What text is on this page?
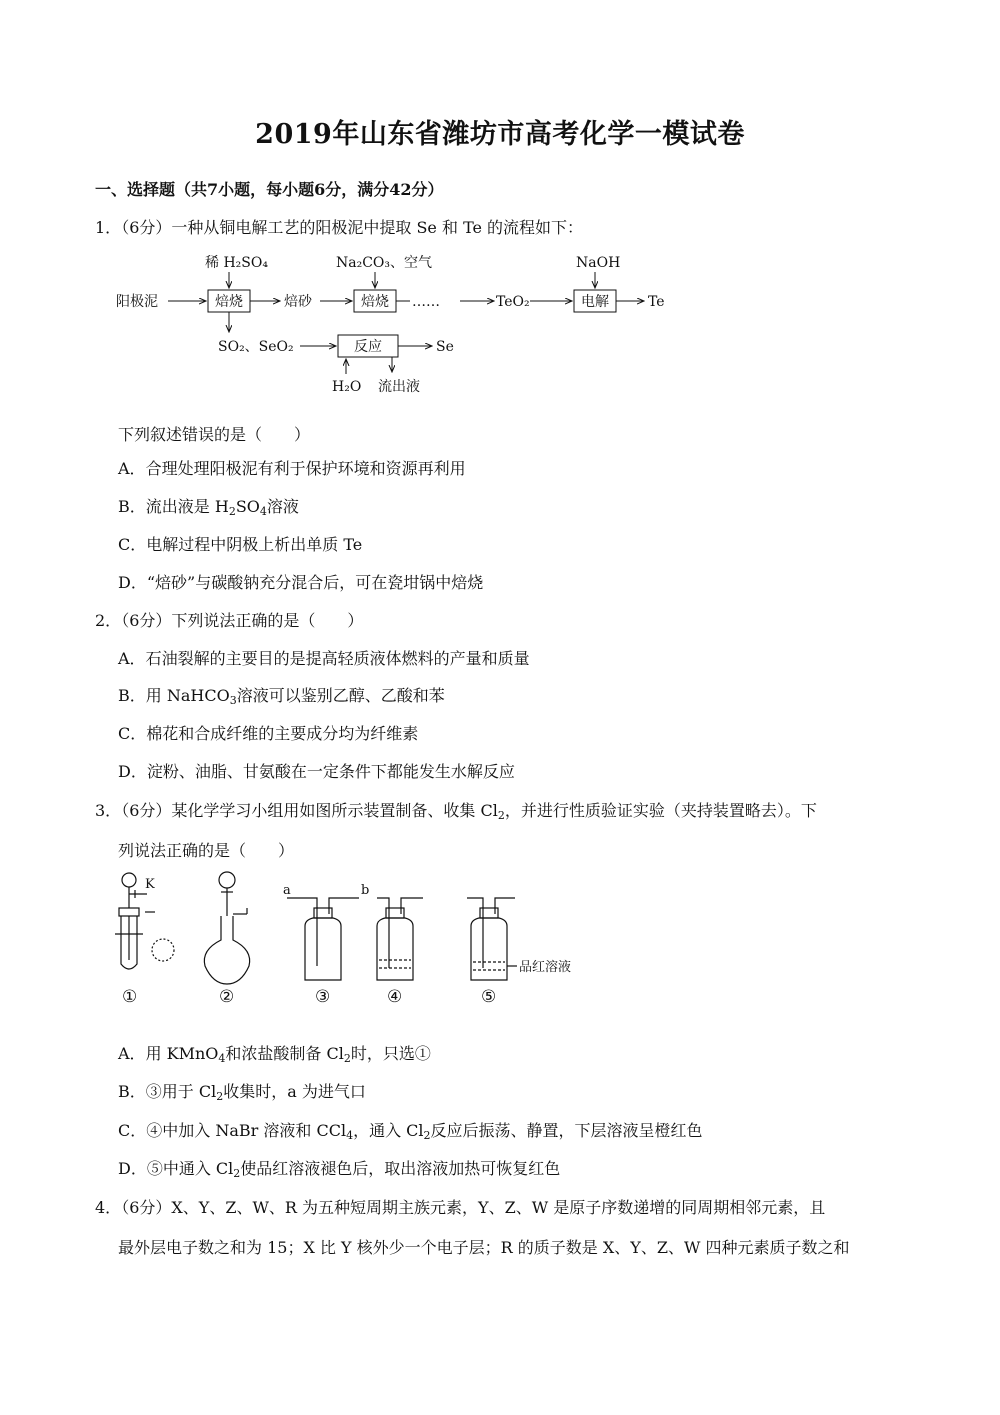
2019年山东省潍坊市高考化学一模试卷
一、选择题（共7小题，每小题6分，满分42分）
1．（6分）一种从铜电解工艺的阳极泥中提取 Se 和 Te 的流程如下：
阳极泥
稀 H₂SO₄
焙烧	焙砂
Na₂CO₃、空气
焙烧 ……	TeO₂
NaOH
电解	Te
SO₂、SeO₂	反应	Se
H₂O 流出液
下列叙述错误的是（　　）
A．合理处理阳极泥有利于保护环境和资源再利用
B．流出液是 $H_2SO_4$溶液
C．电解过程中阴极上析出单质 Te
D．“焙砂”与碳酸钠充分混合后，可在瓷坩锅中焙烧
2．（6分）下列说法正确的是（　　）
A．石油裂解的主要目的是提高轻质液体燃料的产量和质量
B．用 NaHCO$_3$溶液可以鉴别乙醇、乙酸和苯
C．棉花和合成纤维的主要成分均为纤维素
D．淀粉、油脂、甘氨酸在一定条件下都能发生水解反应
3．（6分）某化学学习小组用如图所示装置制备、收集 $Cl_2$，并进行性质验证实验（夹持装置略去）。下
列说法正确的是（　　）
K	a	b
品红溶液
①	②	③	④	⑤
A．用 KMnO$_4$和浓盐酸制备 $Cl_2$时，只选①
B．③用于 $Cl_2$收集时，a 为进气口
C．④中加入 NaBr 溶液和 CCl$_4$，通入 $Cl_2$反应后振荡、静置，下层溶液呈橙红色
D．⑤中通入 $Cl_2$使品红溶液褪色后，取出溶液加热可恢复红色
4．（6分）X、Y、Z、W、R 为五种短周期主族元素，Y、Z、W 是原子序数递增的同周期相邻元素，且
最外层电子数之和为 15；X 比 Y 核外少一个电子层；R 的质子数是 X、Y、Z、W 四种元素质子数之和
